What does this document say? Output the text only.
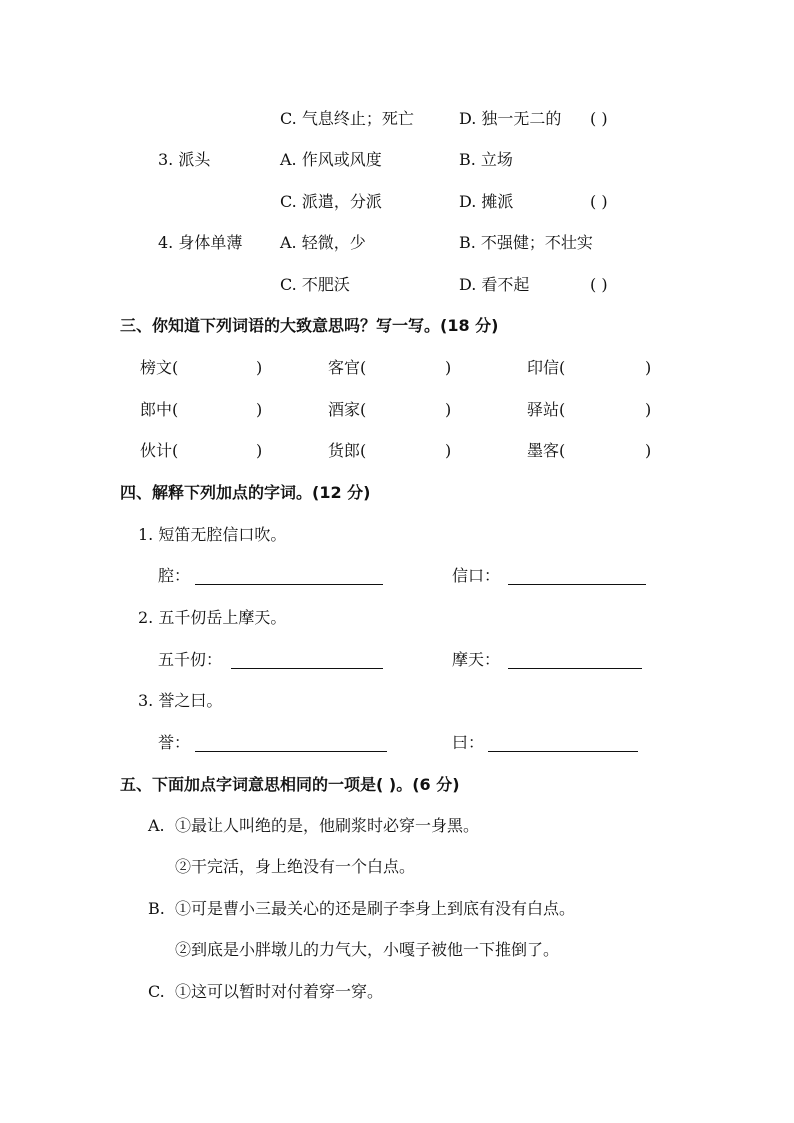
C. 气息终止；死亡	D. 独一无二的 ( )
3. 派头	A. 作风或风度	B. 立场
C. 派遣，分派	D. 摊派	( )
4. 身体单薄 A. 轻微，少	B. 不强健；不壮实
C. 不肥沃	D. 看不起	( )
三、你知道下列词语的大致意思吗？写一写。(18 分)
榜文(	)	客官(	)	印信(	)
郎中(	)	酒家(	)	驿站(	)
伙计(	)	货郎(	)	墨客(	)
四、解释下列加点的字词。(12 分)
1. 短笛无腔信口吹。
腔：	信口：
2. 五千仞岳上摩天。
五千仞：	摩天：
3. 誉之曰。
誉：	曰：
五、下面加点字词意思相同的一项是( )。(6 分)
A. ①最让人叫绝的是，他刷浆时必穿一身黑。
②干完活，身上绝没有一个白点。
B. ①可是曹小三最关心的还是刷子李身上到底有没有白点。
②到底是小胖墩儿的力气大，小嘎子被他一下推倒了。
C. ①这可以暂时对付着穿一穿。
